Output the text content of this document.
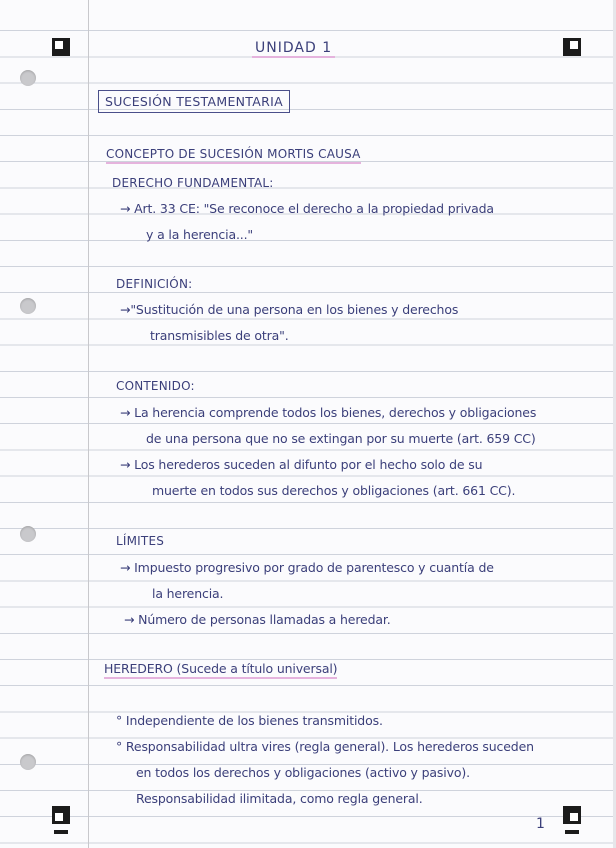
UNIDAD 1
SUCESIÓN TESTAMENTARIA
CONCEPTO DE SUCESIÓN MORTIS CAUSA
DERECHO FUNDAMENTAL:
→ Art. 33 CE: "Se reconoce el derecho a la propiedad privada
y a la herencia..."
DEFINICIÓN:
→"Sustitución de una persona en los bienes y derechos
transmisibles de otra".
CONTENIDO:
→ La herencia comprende todos los bienes, derechos y obligaciones
de una persona que no se extingan por su muerte (art. 659 CC)
→ Los herederos suceden al difunto por el hecho solo de su
muerte en todos sus derechos y obligaciones (art. 661 CC).
LÍMITES
→ Impuesto progresivo por grado de parentesco y cuantía de
la herencia.
→ Número de personas llamadas a heredar.
HEREDERO (Sucede a título universal)
° Independiente de los bienes transmitidos.
° Responsabilidad ultra vires (regla general). Los herederos suceden
en todos los derechos y obligaciones (activo y pasivo).
Responsabilidad ilimitada, como regla general.
1
